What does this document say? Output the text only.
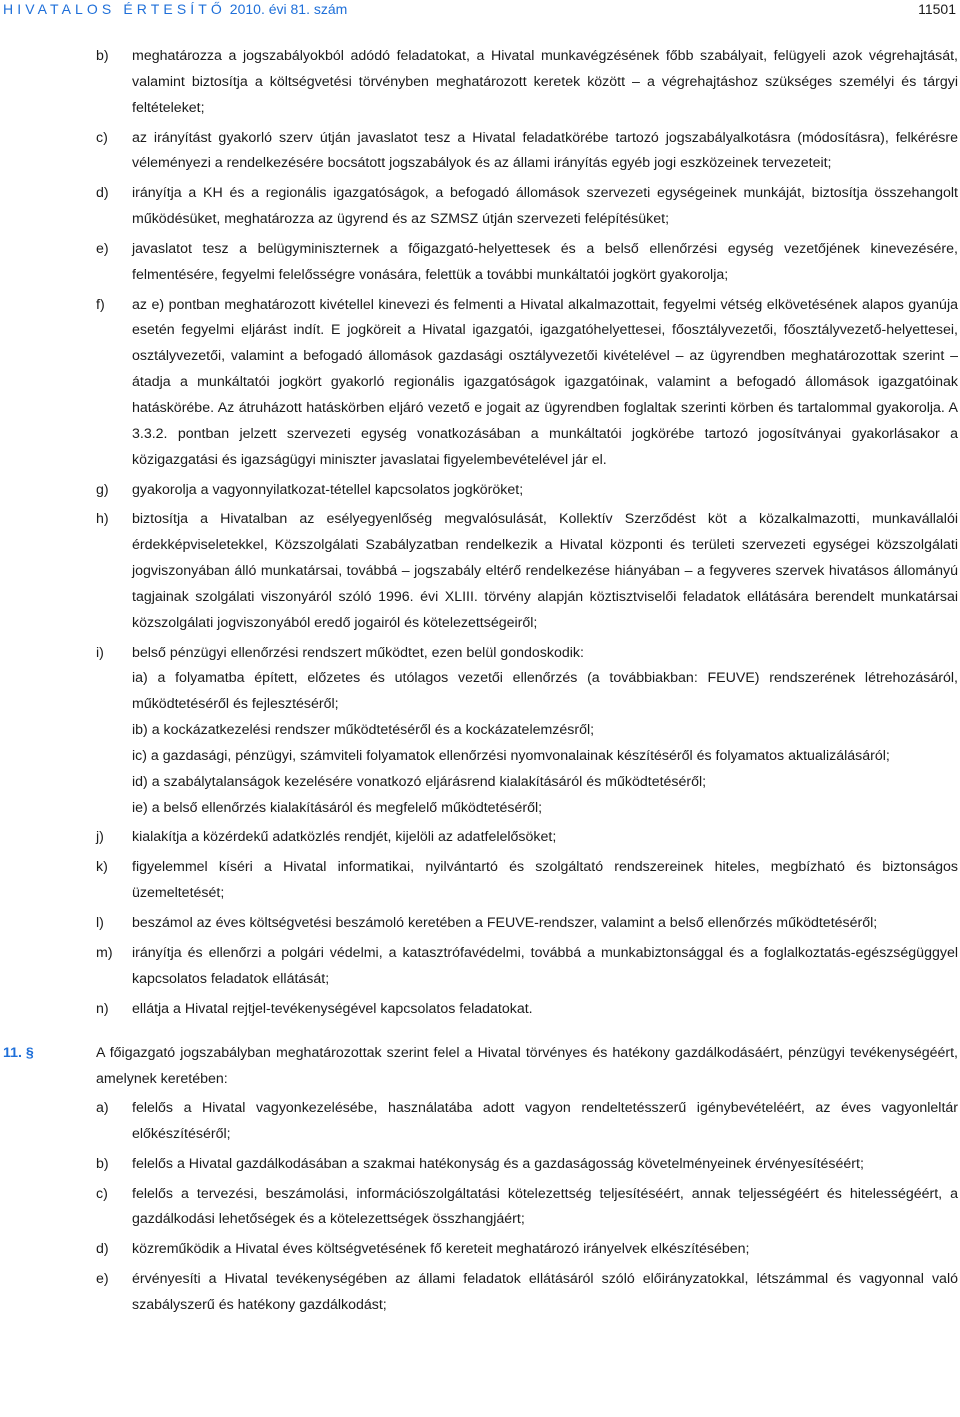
HIVATALOS ÉRTESÍTŐ 2010. évi 81. szám	11501
b)	meghatározza a jogszabályokból adódó feladatokat, a Hivatal munkavégzésének főbb szabályait, felügyeli azok végrehajtását, valamint biztosítja a költségvetési törvényben meghatározott keretek között – a végrehajtáshoz szükséges személyi és tárgyi feltételeket;
c)	az irányítást gyakorló szerv útján javaslatot tesz a Hivatal feladatkörébe tartozó jogszabályalkotásra (módosításra), felkérésre véleményezi a rendelkezésére bocsátott jogszabályok és az állami irányítás egyéb jogi eszközeinek tervezeteit;
d)	irányítja a KH és a regionális igazgatóságok, a befogadó állomások szervezeti egységeinek munkáját, biztosítja összehangolt működésüket, meghatározza az ügyrend és az SZMSZ útján szervezeti felépítésüket;
e)	javaslatot tesz a belügyminiszternek a főigazgató-helyettesek és a belső ellenőrzési egység vezetőjének kinevezésére, felmentésére, fegyelmi felelősségre vonására, felettük a további munkáltatói jogkört gyakorolja;
f)	az e) pontban meghatározott kivétellel kinevezi és felmenti a Hivatal alkalmazottait, fegyelmi vétség elkövetésének alapos gyanúja esetén fegyelmi eljárást indít. E jogköreit a Hivatal igazgatói, igazgatóhelyettesei, főosztályvezetői, főosztályvezető-helyettesei, osztályvezetői, valamint a befogadó állomások gazdasági osztályvezetői kivételével – az ügyrendben meghatározottak szerint – átadja a munkáltatói jogkört gyakorló regionális igazgatóságok igazgatóinak, valamint a befogadó állomások igazgatóinak hatáskörébe. Az átruházott hatáskörben eljáró vezető e jogait az ügyrendben foglaltak szerinti körben és tartalommal gyakorolja. A 3.3.2. pontban jelzett szervezeti egység vonatkozásában a munkáltatói jogkörébe tartozó jogosítványai gyakorlásakor a közigazgatási és igazságügyi miniszter javaslatai figyelembevételével jár el.
g)	gyakorolja a vagyonnyilatkozat-tétellel kapcsolatos jogköröket;
h)	biztosítja a Hivatalban az esélyegyenlőség megvalósulását, Kollektív Szerződést köt a közalkalmazotti, munkavállalói érdekképviseletekkel, Közszolgálati Szabályzatban rendelkezik a Hivatal központi és területi szervezeti egységei közszolgálati jogviszonyában álló munkatársai, továbbá – jogszabály eltérő rendelkezése hiányában – a fegyveres szervek hivatásos állományú tagjainak szolgálati viszonyáról szóló 1996. évi XLIII. törvény alapján köztisztviselői feladatok ellátására berendelt munkatársai közszolgálati jogviszonyából eredő jogairól és kötelezettségeiről;
i)	belső pénzügyi ellenőrzési rendszert működtet, ezen belül gondoskodik:
ia) a folyamatba épített, előzetes és utólagos vezetői ellenőrzés (a továbbiakban: FEUVE) rendszerének létrehozásáról, működtetéséről és fejlesztéséről;
ib) a kockázatkezelési rendszer működtetéséről és a kockázatelemzésről;
ic) a gazdasági, pénzügyi, számviteli folyamatok ellenőrzési nyomvonalainak készítéséről és folyamatos aktualizálásáról;
id) a szabálytalanságok kezelésére vonatkozó eljárásrend kialakításáról és működtetéséről;
ie) a belső ellenőrzés kialakításáról és megfelelő működtetéséről;
j)	kialakítja a közérdekű adatközlés rendjét, kijelöli az adatfelelősöket;
k)	figyelemmel kíséri a Hivatal informatikai, nyilvántartó és szolgáltató rendszereinek hiteles, megbízható és biztonságos üzemeltetését;
l)	beszámol az éves költségvetési beszámoló keretében a FEUVE-rendszer, valamint a belső ellenőrzés működtetéséről;
m)	irányítja és ellenőrzi a polgári védelmi, a katasztrófavédelmi, továbbá a munkabiztonsággal és a foglalkoztatás-egészségüggyel kapcsolatos feladatok ellátását;
n)	ellátja a Hivatal rejtjel-tevékenységével kapcsolatos feladatokat.
11. §	A főigazgató jogszabályban meghatározottak szerint felel a Hivatal törvényes és hatékony gazdálkodásáért, pénzügyi tevékenységéért, amelynek keretében:
a)	felelős a Hivatal vagyonkezelésébe, használatába adott vagyon rendeltetésszerű igénybevételéért, az éves vagyonleltár előkészítéséről;
b)	felelős a Hivatal gazdálkodásában a szakmai hatékonyság és a gazdaságosság követelményeinek érvényesítéséért;
c)	felelős a tervezési, beszámolási, információszolgáltatási kötelezettség teljesítéséért, annak teljességéért és hitelességéért, a gazdálkodási lehetőségek és a kötelezettségek összhangjáért;
d)	közreműködik a Hivatal éves költségvetésének fő kereteit meghatározó irányelvek elkészítésében;
e)	érvényesíti a Hivatal tevékenységében az állami feladatok ellátásáról szóló előirányzatokkal, létszámmal és vagyonnal való szabályszerű és hatékony gazdálkodást;
